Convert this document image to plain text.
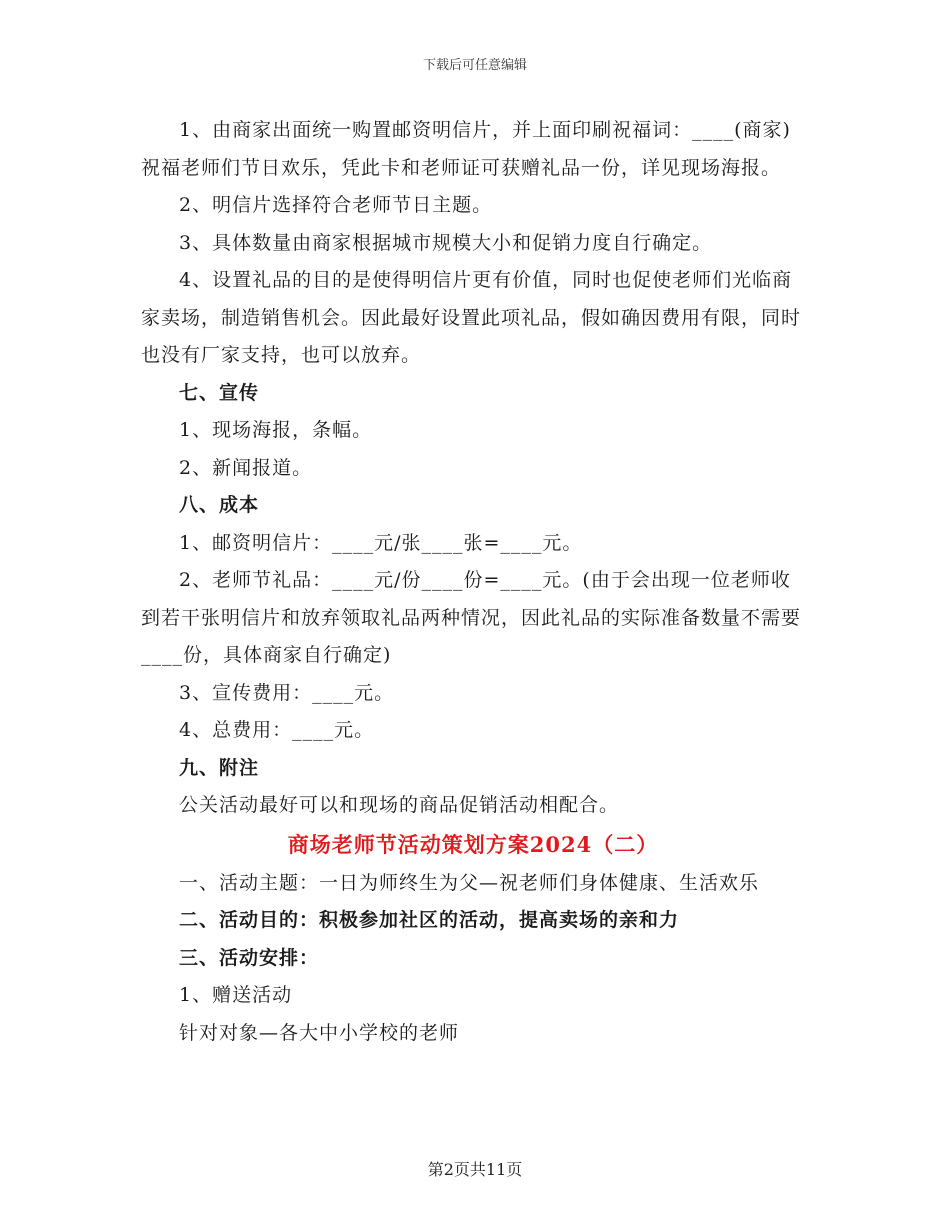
下载后可任意编辑

1、由商家出面统一购置邮资明信片，并上面印刷祝福词：____(商家)祝福老师们节日欢乐，凭此卡和老师证可获赠礼品一份，详见现场海报。

2、明信片选择符合老师节日主题。

3、具体数量由商家根据城市规模大小和促销力度自行确定。

4、设置礼品的目的是使得明信片更有价值，同时也促使老师们光临商家卖场，制造销售机会。因此最好设置此项礼品，假如确因费用有限，同时也没有厂家支持，也可以放弃。

七、宣传

1、现场海报，条幅。

2、新闻报道。

八、成本

1、邮资明信片：____元/张____张=____元。

2、老师节礼品：____元/份____份=____元。(由于会出现一位老师收到若干张明信片和放弃领取礼品两种情况，因此礼品的实际准备数量不需要____份，具体商家自行确定)

3、宣传费用：____元。

4、总费用：____元。

九、附注

公关活动最好可以和现场的商品促销活动相配合。

商场老师节活动策划方案2024（二）

一、活动主题：一日为师终生为父—祝老师们身体健康、生活欢乐

二、活动目的：积极参加社区的活动，提高卖场的亲和力

三、活动安排：

1、赠送活动

针对对象—各大中小学校的老师

第2页共11页
